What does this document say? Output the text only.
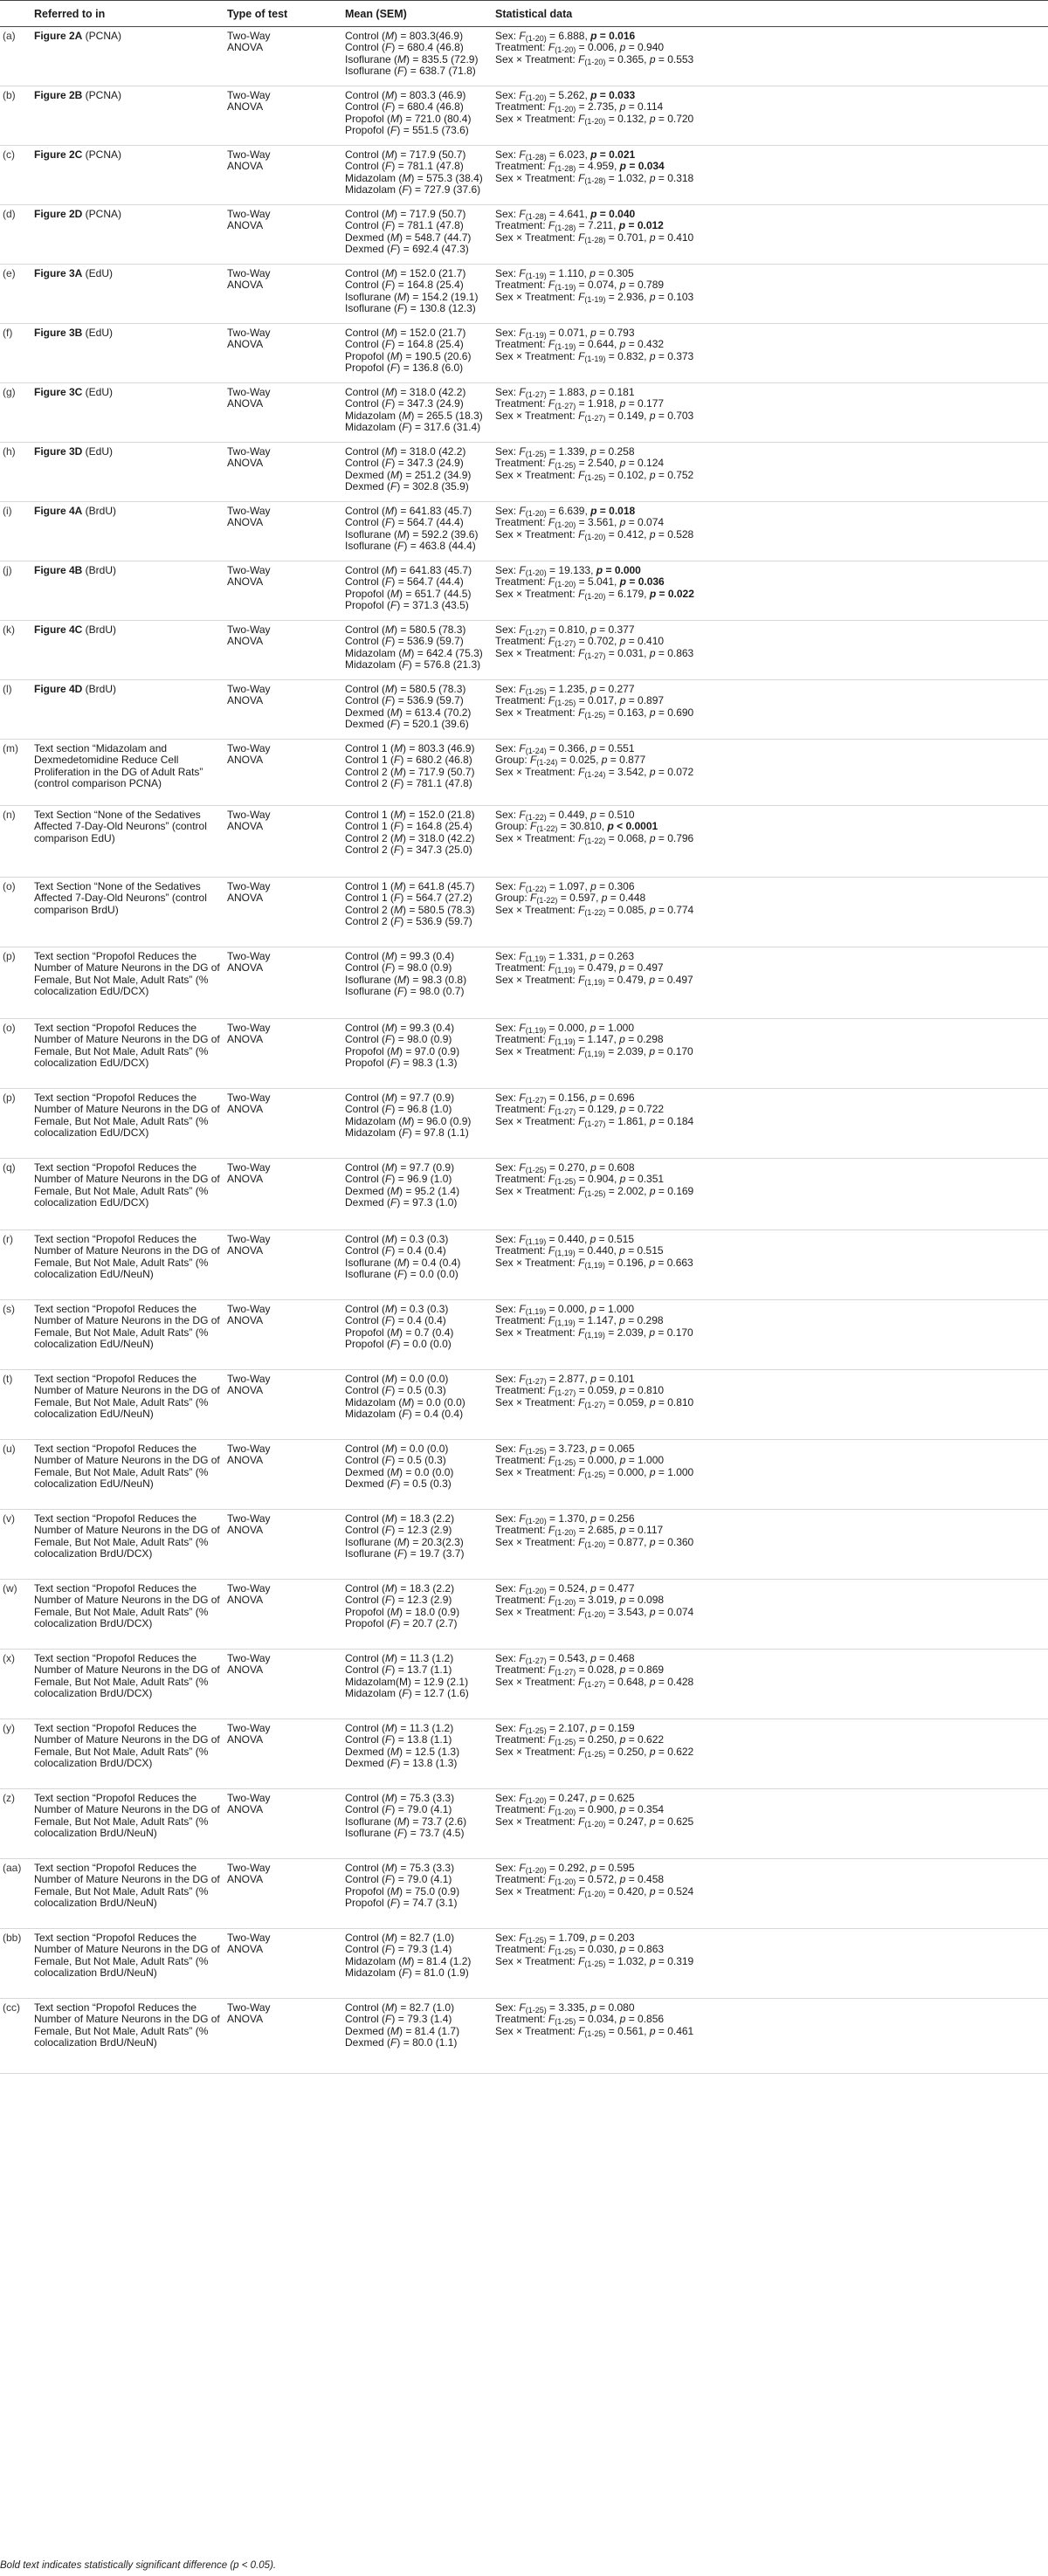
	Referred to in	Type of test	Mean (SEM)	Statistical data
(a)	Figure 2A (PCNA)	Two-Way
ANOVA	Control (M) = 803.3(46.9)
Control (F) = 680.4 (46.8)
Isoflurane (M) = 835.5 (72.9)
Isoflurane (F) = 638.7 (71.8)	Sex: $F_{(1-20)} = 6.888$, p = 0.016
Treatment: $F_{(1-20)} = 0.006$, p = 0.940
Sex × Treatment: $F_{(1-20)} = 0.365$, p = 0.553

(b)	Figure 2B (PCNA)	Two-Way
ANOVA	Control (M) = 803.3 (46.9)
Control (F) = 680.4 (46.8)
Propofol (M) = 721.0 (80.4)
Propofol (F) = 551.5 (73.6)	Sex: $F_{(1-20)} = 5.262$, p = 0.033
Treatment: $F_{(1-20)} = 2.735$, p = 0.114
Sex × Treatment: $F_{(1-20)} = 0.132$, p = 0.720

(c)	Figure 2C (PCNA)	Two-Way
ANOVA	Control (M) = 717.9 (50.7)
Control (F) = 781.1 (47.8)
Midazolam (M) = 575.3 (38.4)
Midazolam (F) = 727.9 (37.6)	Sex: $F_{(1-28)} = 6.023$, p = 0.021
Treatment: $F_{(1-28)} = 4.959$, p = 0.034
Sex × Treatment: $F_{(1-28)} = 1.032$, p = 0.318

(d)	Figure 2D (PCNA)	Two-Way
ANOVA	Control (M) = 717.9 (50.7)
Control (F) = 781.1 (47.8)
Dexmed (M) = 548.7 (44.7)
Dexmed (F) = 692.4 (47.3)	Sex: $F_{(1-28)} = 4.641$, p = 0.040
Treatment: $F_{(1-28)} = 7.211$, p = 0.012
Sex × Treatment: $F_{(1-28)} = 0.701$, p = 0.410

(e)	Figure 3A (EdU)	Two-Way
ANOVA	Control (M) = 152.0 (21.7)
Control (F) = 164.8 (25.4)
Isoflurane (M) = 154.2 (19.1)
Isoflurane (F) = 130.8 (12.3)	Sex: $F_{(1-19)} = 1.110$, p = 0.305
Treatment: $F_{(1-19)} = 0.074$, p = 0.789
Sex × Treatment: $F_{(1-19)} = 2.936$, p = 0.103

(f)	Figure 3B (EdU)	Two-Way
ANOVA	Control (M) = 152.0 (21.7)
Control (F) = 164.8 (25.4)
Propofol (M) = 190.5 (20.6)
Propofol (F) = 136.8 (6.0)	Sex: $F_{(1-19)} = 0.071$, p = 0.793
Treatment: $F_{(1-19)} = 0.644$, p = 0.432
Sex × Treatment: $F_{(1-19)} = 0.832$, p = 0.373

(g)	Figure 3C (EdU)	Two-Way
ANOVA	Control (M) = 318.0 (42.2)
Control (F) = 347.3 (24.9)
Midazolam (M) = 265.5 (18.3)
Midazolam (F) = 317.6 (31.4)	Sex: $F_{(1-27)} = 1.883$, p = 0.181
Treatment: $F_{(1-27)} = 1.918$, p = 0.177
Sex × Treatment: $F_{(1-27)} = 0.149$, p = 0.703

(h)	Figure 3D (EdU)	Two-Way
ANOVA	Control (M) = 318.0 (42.2)
Control (F) = 347.3 (24.9)
Dexmed (M) = 251.2 (34.9)
Dexmed (F) = 302.8 (35.9)	Sex: $F_{(1-25)} = 1.339$, p = 0.258
Treatment: $F_{(1-25)} = 2.540$, p = 0.124
Sex × Treatment: $F_{(1-25)} = 0.102$, p = 0.752

(i)	Figure 4A (BrdU)	Two-Way
ANOVA	Control (M) = 641.83 (45.7)
Control (F) = 564.7 (44.4)
Isoflurane (M) = 592.2 (39.6)
Isoflurane (F) = 463.8 (44.4)	Sex: $F_{(1-20)} = 6.639$, p = 0.018
Treatment: $F_{(1-20)} = 3.561$, p = 0.074
Sex × Treatment: $F_{(1-20)} = 0.412$, p = 0.528

(j)	Figure 4B (BrdU)	Two-Way
ANOVA	Control (M) = 641.83 (45.7)
Control (F) = 564.7 (44.4)
Propofol (M) = 651.7 (44.5)
Propofol (F) = 371.3 (43.5)	Sex: $F_{(1-20)} = 19.133$, p = 0.000
Treatment: $F_{(1-20)} = 5.041$, p = 0.036
Sex × Treatment: $F_{(1-20)} = 6.179$, p = 0.022

(k)	Figure 4C (BrdU)	Two-Way
ANOVA	Control (M) = 580.5 (78.3)
Control (F) = 536.9 (59.7)
Midazolam (M) = 642.4 (75.3)
Midazolam (F) = 576.8 (21.3)	Sex: $F_{(1-27)} = 0.810$, p = 0.377
Treatment: $F_{(1-27)} = 0.702$, p = 0.410
Sex × Treatment: $F_{(1-27)} = 0.031$, p = 0.863

(l)	Figure 4D (BrdU)	Two-Way
ANOVA	Control (M) = 580.5 (78.3)
Control (F) = 536.9 (59.7)
Dexmed (M) = 613.4 (70.2)
Dexmed (F) = 520.1 (39.6)	Sex: $F_{(1-25)} = 1.235$, p = 0.277
Treatment: $F_{(1-25)} = 0.017$, p = 0.897
Sex × Treatment: $F_{(1-25)} = 0.163$, p = 0.690

(m)	Text section “Midazolam and Dexmedetomidine Reduce Cell Proliferation in the DG of Adult Rats” (control comparison PCNA)	Two-Way
ANOVA	Control 1 (M) = 803.3 (46.9)
Control 1 (F) = 680.2 (46.8)
Control 2 (M) = 717.9 (50.7)
Control 2 (F) = 781.1 (47.8)	Sex: $F_{(1-24)} = 0.366$, p = 0.551
Group: $F_{(1-24)} = 0.025$, p = 0.877
Sex × Treatment: $F_{(1-24)} = 3.542$, p = 0.072

(n)	Text Section “None of the Sedatives Affected 7-Day-Old Neurons” (control comparison EdU)	Two-Way
ANOVA	Control 1 (M) = 152.0 (21.8)
Control 1 (F) = 164.8 (25.4)
Control 2 (M) = 318.0 (42.2)
Control 2 (F) = 347.3 (25.0)	Sex: $F_{(1-22)} = 0.449$, p = 0.510
Group: $F_{(1-22)} = 30.810$, p < 0.0001
Sex × Treatment: $F_{(1-22)} = 0.068$, p = 0.796

(o)	Text Section “None of the Sedatives Affected 7-Day-Old Neurons” (control comparison BrdU)	Two-Way
ANOVA	Control 1 (M) = 641.8 (45.7)
Control 1 (F) = 564.7 (27.2)
Control 2 (M) = 580.5 (78.3)
Control 2 (F) = 536.9 (59.7)	Sex: $F_{(1-22)} = 1.097$, p = 0.306
Group: $F_{(1-22)} = 0.597$, p = 0.448
Sex × Treatment: $F_{(1-22)} = 0.085$, p = 0.774

(p)	Text section “Propofol Reduces the Number of Mature Neurons in the DG of Female, But Not Male, Adult Rats” (% colocalization EdU/DCX)	Two-Way
ANOVA	Control (M) = 99.3 (0.4)
Control (F) = 98.0 (0.9)
Isoflurane (M) = 98.3 (0.8)
Isoflurane (F) = 98.0 (0.7)	Sex: $F_{(1,19)} = 1.331$, p = 0.263
Treatment: $F_{(1,19)} = 0.479$, p = 0.497
Sex × Treatment: $F_{(1,19)} = 0.479$, p = 0.497

(o)	Text section “Propofol Reduces the Number of Mature Neurons in the DG of Female, But Not Male, Adult Rats” (% colocalization EdU/DCX)	Two-Way
ANOVA	Control (M) = 99.3 (0.4)
Control (F) = 98.0 (0.9)
Propofol (M) = 97.0 (0.9)
Propofol (F) = 98.3 (1.3)	Sex: $F_{(1,19)} = 0.000$, p = 1.000
Treatment: $F_{(1,19)} = 1.147$, p = 0.298
Sex × Treatment: $F_{(1,19)} = 2.039$, p = 0.170

(p)	Text section “Propofol Reduces the Number of Mature Neurons in the DG of Female, But Not Male, Adult Rats” (% colocalization EdU/DCX)	Two-Way
ANOVA	Control (M) = 97.7 (0.9)
Control (F) = 96.8 (1.0)
Midazolam (M) = 96.0 (0.9)
Midazolam (F) = 97.8 (1.1)	Sex: $F_{(1-27)} = 0.156$, p = 0.696
Treatment: $F_{(1-27)} = 0.129$, p = 0.722
Sex × Treatment: $F_{(1-27)} = 1.861$, p = 0.184

(q)	Text section “Propofol Reduces the Number of Mature Neurons in the DG of Female, But Not Male, Adult Rats” (% colocalization EdU/DCX)	Two-Way
ANOVA	Control (M) = 97.7 (0.9)
Control (F) = 96.9 (1.0)
Dexmed (M) = 95.2 (1.4)
Dexmed (F) = 97.3 (1.0)	Sex: $F_{(1-25)} = 0.270$, p = 0.608
Treatment: $F_{(1-25)} = 0.904$, p = 0.351
Sex × Treatment: $F_{(1-25)} = 2.002$, p = 0.169

(r)	Text section “Propofol Reduces the Number of Mature Neurons in the DG of Female, But Not Male, Adult Rats” (% colocalization EdU/NeuN)	Two-Way
ANOVA	Control (M) = 0.3 (0.3)
Control (F) = 0.4 (0.4)
Isoflurane (M) = 0.4 (0.4)
Isoflurane (F) = 0.0 (0.0)	Sex: $F_{(1,19)} = 0.440$, p = 0.515
Treatment: $F_{(1,19)} = 0.440$, p = 0.515
Sex × Treatment: $F_{(1,19)} = 0.196$, p = 0.663

(s)	Text section “Propofol Reduces the Number of Mature Neurons in the DG of Female, But Not Male, Adult Rats” (% colocalization EdU/NeuN)	Two-Way
ANOVA	Control (M) = 0.3 (0.3)
Control (F) = 0.4 (0.4)
Propofol (M) = 0.7 (0.4)
Propofol (F) = 0.0 (0.0)	Sex: $F_{(1,19)} = 0.000$, p = 1.000
Treatment: $F_{(1,19)} = 1.147$, p = 0.298
Sex × Treatment: $F_{(1,19)} = 2.039$, p = 0.170

(t)	Text section “Propofol Reduces the Number of Mature Neurons in the DG of Female, But Not Male, Adult Rats” (% colocalization EdU/NeuN)	Two-Way
ANOVA	Control (M) = 0.0 (0.0)
Control (F) = 0.5 (0.3)
Midazolam (M) = 0.0 (0.0)
Midazolam (F) = 0.4 (0.4)	Sex: $F_{(1-27)} = 2.877$, p = 0.101
Treatment: $F_{(1-27)} = 0.059$, p = 0.810
Sex × Treatment: $F_{(1-27)} = 0.059$, p = 0.810

(u)	Text section “Propofol Reduces the Number of Mature Neurons in the DG of Female, But Not Male, Adult Rats” (% colocalization EdU/NeuN)	Two-Way
ANOVA	Control (M) = 0.0 (0.0)
Control (F) = 0.5 (0.3)
Dexmed (M) = 0.0 (0.0)
Dexmed (F) = 0.5 (0.3)	Sex: $F_{(1-25)} = 3.723$, p = 0.065
Treatment: $F_{(1-25)} = 0.000$, p = 1.000
Sex × Treatment: $F_{(1-25)} = 0.000$, p = 1.000

(v)	Text section “Propofol Reduces the Number of Mature Neurons in the DG of Female, But Not Male, Adult Rats” (% colocalization BrdU/DCX)	Two-Way
ANOVA	Control (M) = 18.3 (2.2)
Control (F) = 12.3 (2.9)
Isoflurane (M) = 20.3(2.3)
Isoflurane (F) = 19.7 (3.7)	Sex: $F_{(1-20)} = 1.370$, p = 0.256
Treatment: $F_{(1-20)} = 2.685$, p = 0.117
Sex × Treatment: $F_{(1-20)} = 0.877$, p = 0.360

(w)	Text section “Propofol Reduces the Number of Mature Neurons in the DG of Female, But Not Male, Adult Rats” (% colocalization BrdU/DCX)	Two-Way
ANOVA	Control (M) = 18.3 (2.2)
Control (F) = 12.3 (2.9)
Propofol (M) = 18.0 (0.9)
Propofol (F) = 20.7 (2.7)	Sex: $F_{(1-20)} = 0.524$, p = 0.477
Treatment: $F_{(1-20)} = 3.019$, p = 0.098
Sex × Treatment: $F_{(1-20)} = 3.543$, p = 0.074

(x)	Text section “Propofol Reduces the Number of Mature Neurons in the DG of Female, But Not Male, Adult Rats” (% colocalization BrdU/DCX)	Two-Way
ANOVA	Control (M) = 11.3 (1.2)
Control (F) = 13.7 (1.1)
Midazolam(M) = 12.9 (2.1)
Midazolam (F) = 12.7 (1.6)	Sex: $F_{(1-27)} = 0.543$, p = 0.468
Treatment: $F_{(1-27)} = 0.028$, p = 0.869
Sex × Treatment: $F_{(1-27)} = 0.648$, p = 0.428

(y)	Text section “Propofol Reduces the Number of Mature Neurons in the DG of Female, But Not Male, Adult Rats” (% colocalization BrdU/DCX)	Two-Way
ANOVA	Control (M) = 11.3 (1.2)
Control (F) = 13.8 (1.1)
Dexmed (M) = 12.5 (1.3)
Dexmed (F) = 13.8 (1.3)	Sex: $F_{(1-25)} = 2.107$, p = 0.159
Treatment: $F_{(1-25)} = 0.250$, p = 0.622
Sex × Treatment: $F_{(1-25)} = 0.250$, p = 0.622

(z)	Text section “Propofol Reduces the Number of Mature Neurons in the DG of Female, But Not Male, Adult Rats” (% colocalization BrdU/NeuN)	Two-Way
ANOVA	Control (M) = 75.3 (3.3)
Control (F) = 79.0 (4.1)
Isoflurane (M) = 73.7 (2.6)
Isoflurane (F) = 73.7 (4.5)	Sex: $F_{(1-20)} = 0.247$, p = 0.625
Treatment: $F_{(1-20)} = 0.900$, p = 0.354
Sex × Treatment: $F_{(1-20)} = 0.247$, p = 0.625

(aa)	Text section “Propofol Reduces the Number of Mature Neurons in the DG of Female, But Not Male, Adult Rats” (% colocalization BrdU/NeuN)	Two-Way
ANOVA	Control (M) = 75.3 (3.3)
Control (F) = 79.0 (4.1)
Propofol (M) = 75.0 (0.9)
Propofol (F) = 74.7 (3.1)	Sex: $F_{(1-20)} = 0.292$, p = 0.595
Treatment: $F_{(1-20)} = 0.572$, p = 0.458
Sex × Treatment: $F_{(1-20)} = 0.420$, p = 0.524

(bb)	Text section “Propofol Reduces the Number of Mature Neurons in the DG of Female, But Not Male, Adult Rats” (% colocalization BrdU/NeuN)	Two-Way
ANOVA	Control (M) = 82.7 (1.0)
Control (F) = 79.3 (1.4)
Midazolam (M) = 81.4 (1.2)
Midazolam (F) = 81.0 (1.9)	Sex: $F_{(1-25)} = 1.709$, p = 0.203
Treatment: $F_{(1-25)} = 0.030$, p = 0.863
Sex × Treatment: $F_{(1-25)} = 1.032$, p = 0.319

(cc)	Text section “Propofol Reduces the Number of Mature Neurons in the DG of Female, But Not Male, Adult Rats” (% colocalization BrdU/NeuN)	Two-Way
ANOVA	Control (M) = 82.7 (1.0)
Control (F) = 79.3 (1.4)
Dexmed (M) = 81.4 (1.7)
Dexmed (F) = 80.0 (1.1)	Sex: $F_{(1-25)} = 3.335$, p = 0.080
Treatment: $F_{(1-25)} = 0.034$, p = 0.856
Sex × Treatment: $F_{(1-25)} = 0.561$, p = 0.461
Bold text indicates statistically significant difference (p < 0.05).
